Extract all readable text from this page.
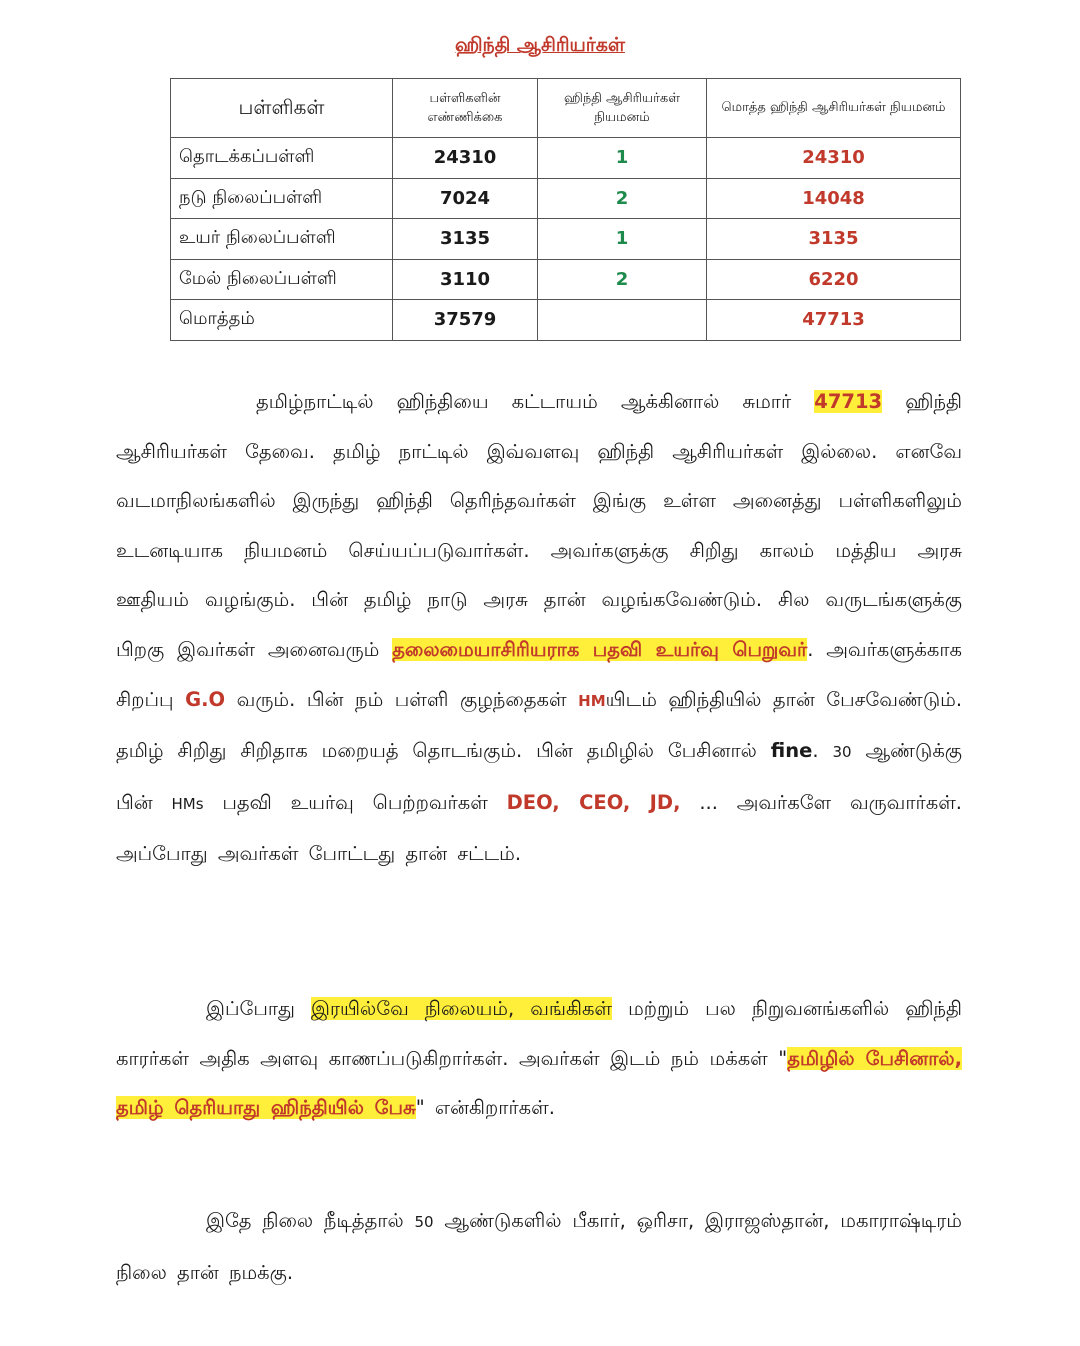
ஹிந்தி ஆசிரியர்கள்
பள்ளிகள்	பள்ளிகளின் எண்ணிக்கை	ஹிந்தி ஆசிரியர்கள் நியமனம்	மொத்த ஹிந்தி ஆசிரியர்கள் நியமனம்
தொடக்கப்பள்ளி	24310	1	24310
நடு நிலைப்பள்ளி	7024	2	14048
உயர் நிலைப்பள்ளி	3135	1	3135
மேல் நிலைப்பள்ளி	3110	2	6220
மொத்தம்	37579		47713
தமிழ்நாட்டில் ஹிந்தியை கட்டாயம் ஆக்கினால் சுமார் 47713 ஹிந்தி ஆசிரியர்கள் தேவை. தமிழ் நாட்டில் இவ்வளவு ஹிந்தி ஆசிரியர்கள் இல்லை. எனவே வடமாநிலங்களில் இருந்து ஹிந்தி தெரிந்தவர்கள் இங்கு உள்ள அனைத்து பள்ளிகளிலும் உடனடியாக நியமனம் செய்யப்படுவார்கள். அவர்களுக்கு சிறிது காலம் மத்திய அரசு ஊதியம் வழங்கும். பின் தமிழ் நாடு அரசு தான் வழங்கவேண்டும். சில வருடங்களுக்கு பிறகு இவர்கள் அனைவரும் தலைமையாசிரியராக பதவி உயர்வு பெறுவர். அவர்களுக்காக சிறப்பு G.O வரும். பின் நம் பள்ளி குழந்தைகள் HMயிடம் ஹிந்தியில் தான் பேசவேண்டும். தமிழ் சிறிது சிறிதாக மறையத் தொடங்கும். பின் தமிழில் பேசினால் fine. 30 ஆண்டுக்கு பின் HMs பதவி உயர்வு பெற்றவர்கள் DEO, CEO, JD, ... அவர்களே வருவார்கள். அப்போது அவர்கள் போட்டது தான் சட்டம்.
இப்போது இரயில்வே நிலையம், வங்கிகள் மற்றும் பல நிறுவனங்களில் ஹிந்தி காரர்கள் அதிக அளவு காணப்படுகிறார்கள். அவர்கள் இடம் நம் மக்கள் "தமிழில் பேசினால், தமிழ் தெரியாது ஹிந்தியில் பேசு" என்கிறார்கள்.
இதே நிலை நீடித்தால் 50 ஆண்டுகளில் பீகார், ஒரிசா, இராஜஸ்தான், மகாராஷ்டிரம் நிலை தான் நமக்கு.
